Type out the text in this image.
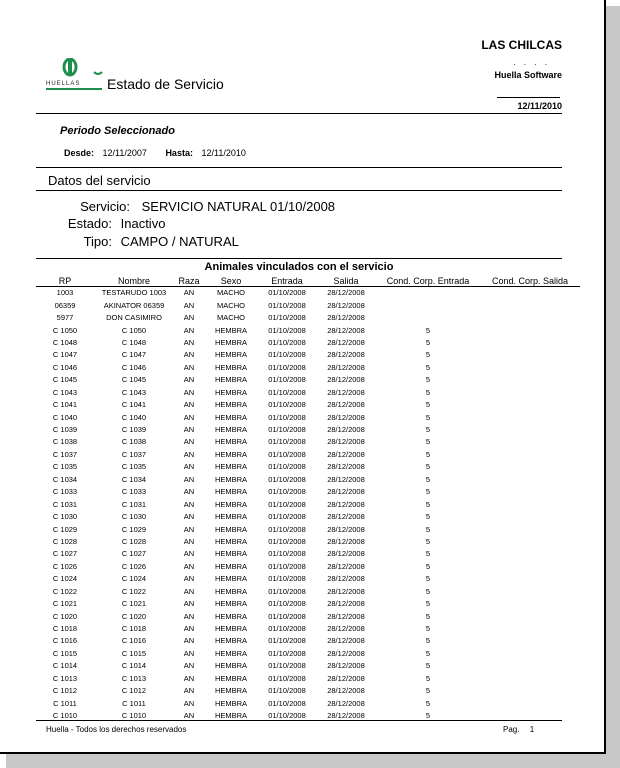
HUELLAS Estado de Servicio
LAS CHILCAS
. . . .
Huella Software
12/11/2010
Periodo Seleccionado
Desde: 12/11/2007 Hasta: 12/11/2010
Datos del servicio
Servicio: SERVICIO NATURAL 01/10/2008
Estado: Inactivo
Tipo: CAMPO / NATURAL
Animales vinculados con el servicio
RP	Nombre	Raza	Sexo	Entrada	Salida	Cond. Corp. Entrada	Cond. Corp. Salida
1003	TESTARUDO 1003	AN	MACHO	01/10/2008	28/12/2008		
06359	AKINATOR 06359	AN	MACHO	01/10/2008	28/12/2008		
5977	DON CASIMIRO	AN	MACHO	01/10/2008	28/12/2008		
C 1050	C 1050	AN	HEMBRA	01/10/2008	28/12/2008	5	
C 1048	C 1048	AN	HEMBRA	01/10/2008	28/12/2008	5	
C 1047	C 1047	AN	HEMBRA	01/10/2008	28/12/2008	5	
C 1046	C 1046	AN	HEMBRA	01/10/2008	28/12/2008	5	
C 1045	C 1045	AN	HEMBRA	01/10/2008	28/12/2008	5	
C 1043	C 1043	AN	HEMBRA	01/10/2008	28/12/2008	5	
C 1041	C 1041	AN	HEMBRA	01/10/2008	28/12/2008	5	
C 1040	C 1040	AN	HEMBRA	01/10/2008	28/12/2008	5	
C 1039	C 1039	AN	HEMBRA	01/10/2008	28/12/2008	5	
C 1038	C 1038	AN	HEMBRA	01/10/2008	28/12/2008	5	
C 1037	C 1037	AN	HEMBRA	01/10/2008	28/12/2008	5	
C 1035	C 1035	AN	HEMBRA	01/10/2008	28/12/2008	5	
C 1034	C 1034	AN	HEMBRA	01/10/2008	28/12/2008	5	
C 1033	C 1033	AN	HEMBRA	01/10/2008	28/12/2008	5	
C 1031	C 1031	AN	HEMBRA	01/10/2008	28/12/2008	5	
C 1030	C 1030	AN	HEMBRA	01/10/2008	28/12/2008	5	
C 1029	C 1029	AN	HEMBRA	01/10/2008	28/12/2008	5	
C 1028	C 1028	AN	HEMBRA	01/10/2008	28/12/2008	5	
C 1027	C 1027	AN	HEMBRA	01/10/2008	28/12/2008	5	
C 1026	C 1026	AN	HEMBRA	01/10/2008	28/12/2008	5	
C 1024	C 1024	AN	HEMBRA	01/10/2008	28/12/2008	5	
C 1022	C 1022	AN	HEMBRA	01/10/2008	28/12/2008	5	
C 1021	C 1021	AN	HEMBRA	01/10/2008	28/12/2008	5	
C 1020	C 1020	AN	HEMBRA	01/10/2008	28/12/2008	5	
C 1018	C 1018	AN	HEMBRA	01/10/2008	28/12/2008	5	
C 1016	C 1016	AN	HEMBRA	01/10/2008	28/12/2008	5	
C 1015	C 1015	AN	HEMBRA	01/10/2008	28/12/2008	5	
C 1014	C 1014	AN	HEMBRA	01/10/2008	28/12/2008	5	
C 1013	C 1013	AN	HEMBRA	01/10/2008	28/12/2008	5	
C 1012	C 1012	AN	HEMBRA	01/10/2008	28/12/2008	5	
C 1011	C 1011	AN	HEMBRA	01/10/2008	28/12/2008	5	
C 1010	C 1010	AN	HEMBRA	01/10/2008	28/12/2008	5	
Huella - Todos los derechos reservados	Pag. 1
